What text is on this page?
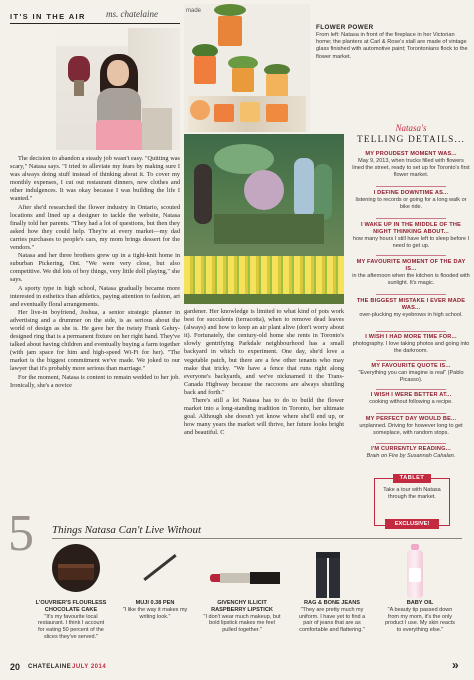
IT'S IN THE AIR ms. chatelaine	made
FLOWER POWER
From left: Natasa in front of the fireplace in her Victorian home; the planters at Carl & Rose's stall are made of vintage glass finished with automotive paint; Torontonians flock to the flower market.
Natasa's
TELLING DETAILS...
MY PROUDEST MOMENT WAS...
May 9, 2013, when trucks filled with flowers lined the street, ready to set up for Toronto's first flower market.
I DEFINE DOWNTIME AS...
listening to records or going for a long walk or bike ride.
I WAKE UP IN THE MIDDLE OF THE NIGHT THINKING ABOUT...
how many hours I still have left to sleep before I need to get up.
MY FAVOURITE MOMENT OF THE DAY IS...
in the afternoon when the kitchen is flooded with sunlight. It's magic.
THE BIGGEST MISTAKE I EVER MADE WAS...
over-plucking my eyebrows in high school.
I WISH I HAD MORE TIME FOR...
photography. I love taking photos and going into the darkroom.
MY FAVOURITE QUOTE IS...
"Everything you can imagine is real" (Pablo Picasso).
I WISH I WERE BETTER AT...
cooking without following a recipe.
MY PERFECT DAY WOULD BE...
unplanned. Driving for however long to get someplace, with random stops.
I'M CURRENTLY READING...
Brain on Fire by Susannah Cahalan.
TABLET
Take a tour with Natasa through the market.
EXCLUSIVE!

The decision to abandon a steady job wasn't easy. "Quitting was scary," Natasa says. "I tried to alleviate my fears by making sure I was always doing stuff instead of thinking about it. To cover my monthly expenses, I cut out restaurant dinners, new clothes and other indulgences. It was okay because I was building the life I wanted."

After she'd researched the flower industry in Ontario, scouted locations and lined up a designer to tackle the website, Natasa finally told her parents. "They had a lot of questions, but then they asked how they could help. They're at every market—my dad carries purchases to people's cars, my mom brings dessert for the vendors."

Natasa and her three brothers grew up in a tight-knit home in suburban Pickering, Ont. "We were very close, but also competitive. We did lots of boy things, very little doll playing," she says.

A sporty type in high school, Natasa gradually became more interested in esthetics than athletics, paying attention to fashion, art and eventually floral arrangements.

Her live-in boyfriend, Joshua, a senior strategic planner in advertising and a drummer on the side, is as serious about the world of design as she is. He gave her the twisty Frank Gehry-designed ring that is a permanent fixture on her right hand. They've talked about having children and eventually buying a farm together (with jam space for him and high-speed Wi-Fi for her). "The market is the biggest commitment we've made. We joked to our lawyer that it's probably more serious than marriage."

For the moment, Natasa is content to remain wedded to her job. Ironically, she's a novice

gardener. Her knowledge is limited to what kind of pots work best for succulents (terracotta), when to remove dead leaves (always) and how to keep an air plant alive (don't worry about it). Fortunately, the century-old home she rents in Toronto's slowly gentrifying Parkdale neighbourhood has a small backyard in which to experiment. One day, she'd love a vegetable patch, but there are a few other tenants who may make that tricky. "We have a fence that runs right along everyone's backyards, and we've nicknamed it the Trans-Canada Highway because the raccoons are always shuttling back and forth."

There's still a lot Natasa has to do to build the flower market into a long-standing tradition in Toronto, her ultimate goal. Although she doesn't yet know where she'll end up, or how many years the market will thrive, her future looks bright and beautiful. C

5 Things Natasa Can't Live Without
L'OUVRIER'S FLOURLESS CHOCOLATE CAKE
"It's my favourite local restaurant. I think I account for eating 50 percent of the slices they've served."
MUJI 0.38 PEN
"I like the way it makes my writing look."
GIVENCHY ILLICIT RASPBERRY LIPSTICK
"I don't wear much makeup, but bold lipstick makes me feel pulled together."
RAG & BONE JEANS
"They are pretty much my uniform. I have yet to find a pair of jeans that are as comfortable and flattering."
BABY OIL
"A beauty tip passed down from my mom, it's the only product I use. My skin reacts to everything else."
20 CHATELAINE JULY 2014	»
